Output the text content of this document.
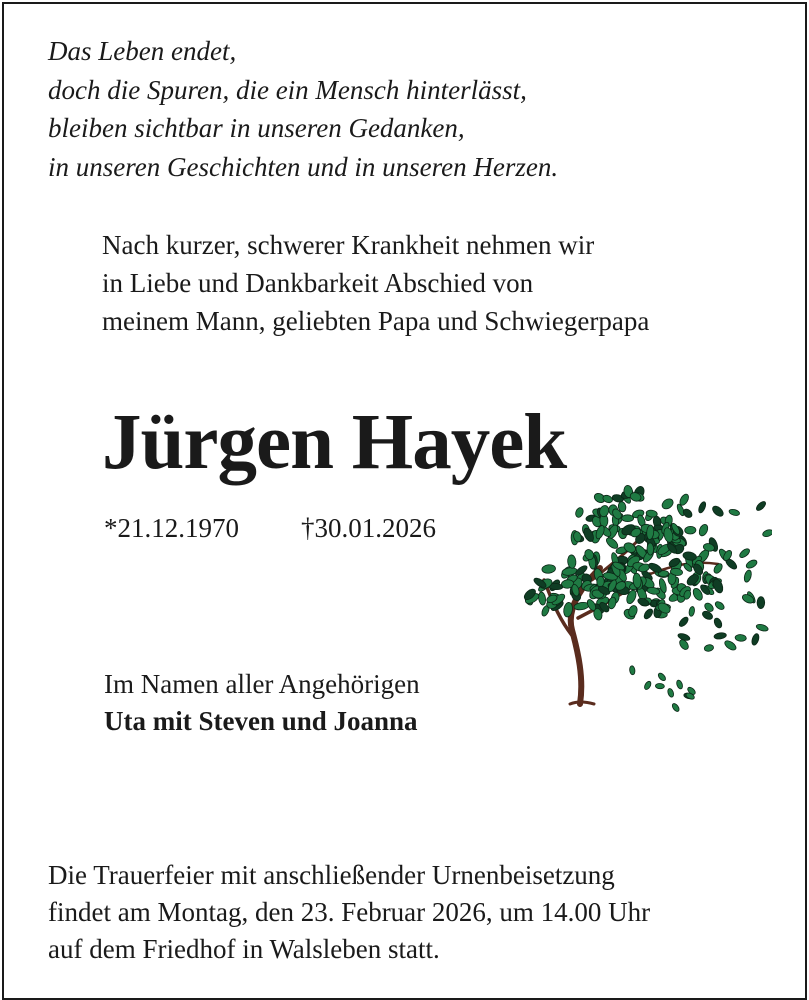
Das Leben endet,
doch die Spuren, die ein Mensch hinterlässt,
bleiben sichtbar in unseren Gedanken,
in unseren Geschichten und in unseren Herzen.
Nach kurzer, schwerer Krankheit nehmen wir
in Liebe und Dankbarkeit Abschied von
meinem Mann, geliebten Papa und Schwiegerpapa
Jürgen Hayek
*21.12.1970 †30.01.2026
Im Namen aller Angehörigen
Uta mit Steven und Joanna
Die Trauerfeier mit anschließender Urnenbeisetzung
findet am Montag, den 23. Februar 2026, um 14.00 Uhr
auf dem Friedhof in Walsleben statt.
